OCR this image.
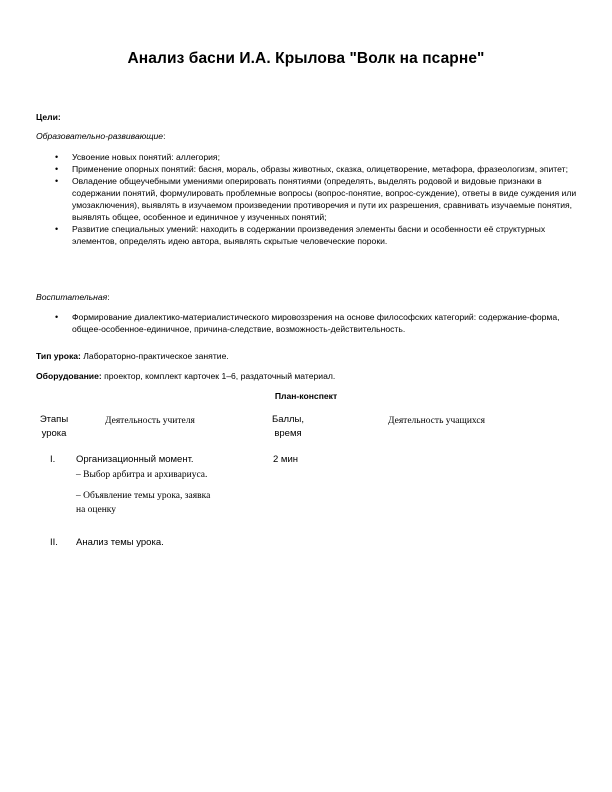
Анализ басни И.А. Крылова "Волк на псарне"
Цели:
Образовательно-развивающие:
• Усвоение новых понятий: аллегория;
• Применение опорных понятий: басня, мораль, образы животных, сказка, олицетворение, метафора, фразеологизм, эпитет;
• Овладение общеучебными умениями оперировать понятиями (определять, выделять родовой и видовые признаки в содержании понятий, формулировать проблемные вопросы (вопрос-понятие, вопрос-суждение), ответы в виде суждения или умозаключения), выявлять в изучаемом произведении противоречия и пути их разрешения, сравнивать изучаемые понятия, выявлять общее, особенное и единичное у изученных понятий;
• Развитие специальных умений: находить в содержании произведения элементы басни и особенности её структурных элементов, определять идею автора, выявлять скрытые человеческие пороки.
Воспитательная:
• Формирование диалектико-материалистического мировоззрения на основе философских категорий: содержание-форма, общее-особенное-единичное, причина-следствие, возможность-действительность.
Тип урока: Лабораторно-практическое занятие.
Оборудование: проектор, комплект карточек 1–6, раздаточный материал.
План-конспект
Этапы
урока
Деятельность учителя	Баллы,
время
Деятельность учащихся
I. Организационный момент.
– Выбор арбитра и архивариуса.
– Объявление темы урока, заявка
на оценку
2 мин
II. Анализ темы урока.
